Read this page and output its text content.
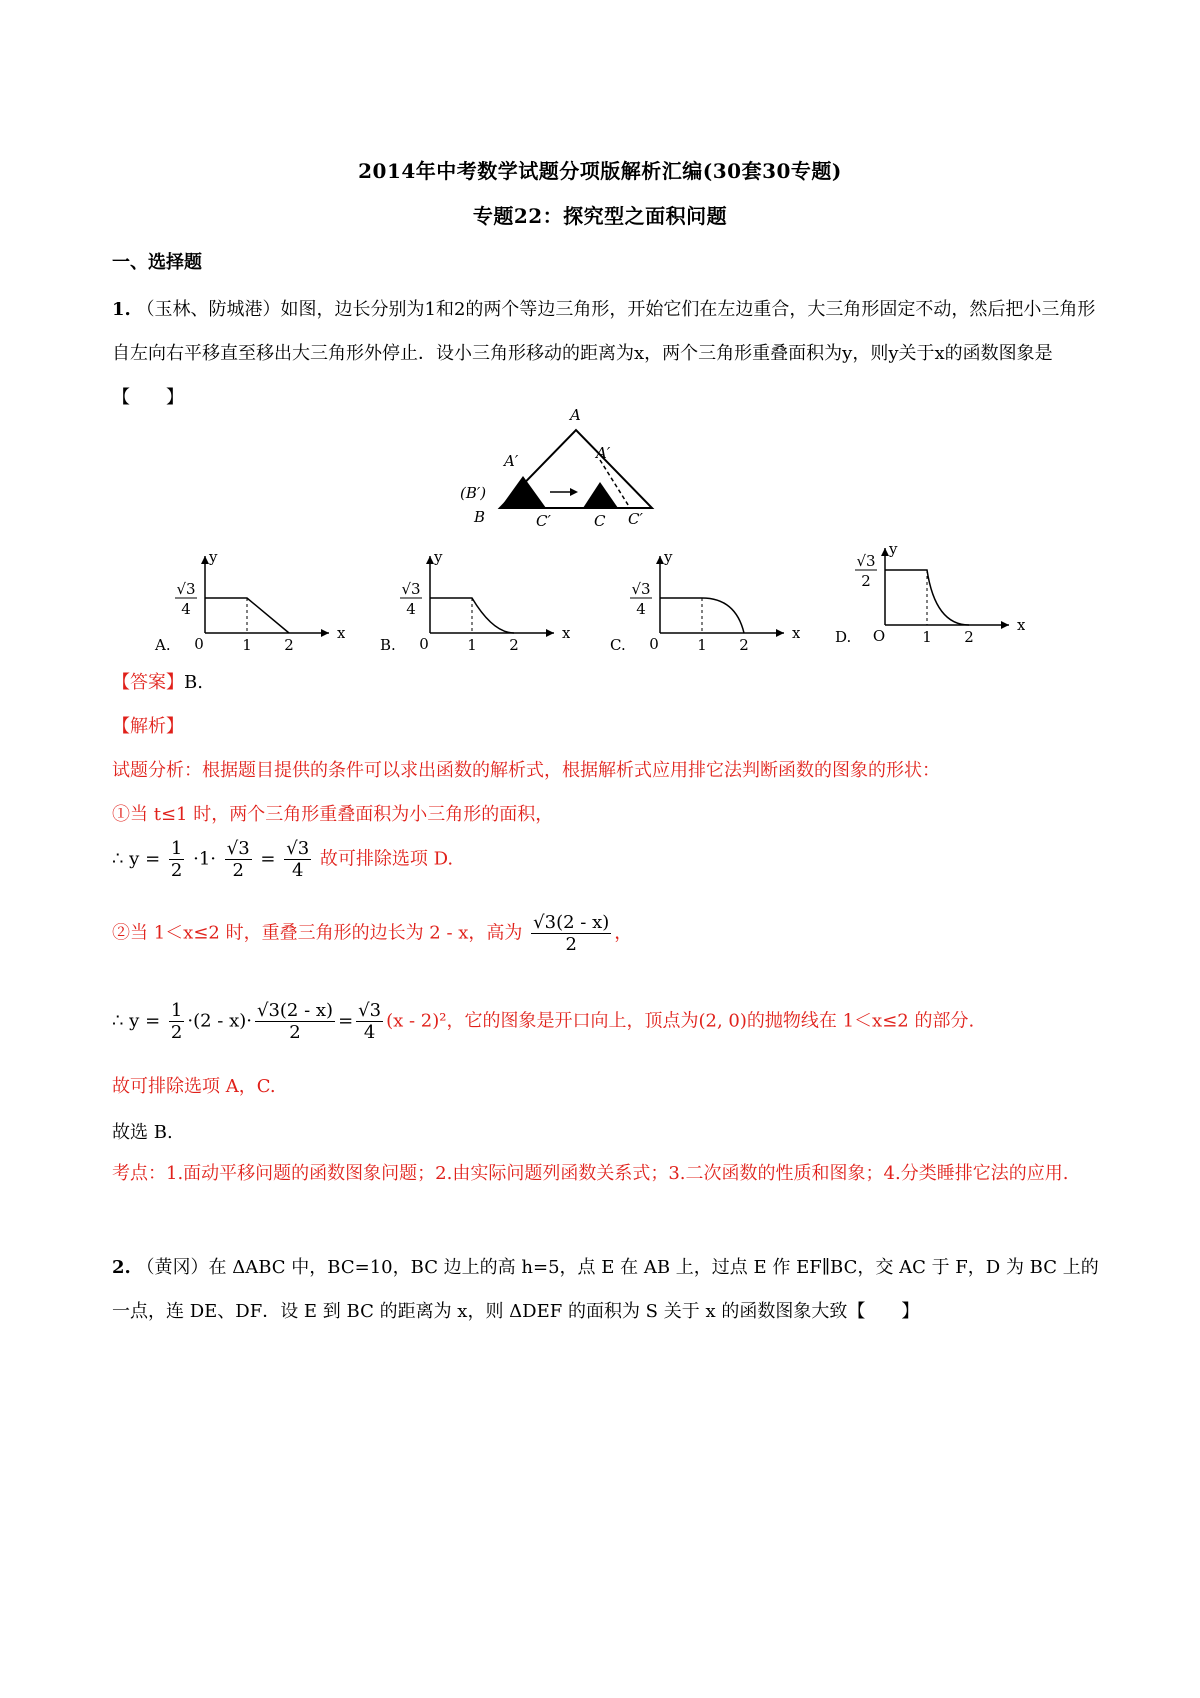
2014年中考数学试题分项版解析汇编(30套30专题)
专题22：探究型之面积问题
一、选择题
1. （玉林、防城港）如图，边长分别为1和2的两个等边三角形，开始它们在左边重合，大三角形固定不动，然后把小三角形自左向右平移直至移出大三角形外停止．设小三角形移动的距离为x，两个三角形重叠面积为y，则y关于x的函数图象是【　　】
A
A′	A′
(B′)
B	C′	C C′
√3
4
y
x
0	1 2
A.
√3
4
y
x
0	1 2
B.
√3
4
y
x
0	1 2
C.
√3
2
y
x
O 1 2
D.
【答案】B.
【解析】
试题分析：根据题目提供的条件可以求出函数的解析式，根据解析式应用排它法判断函数的图象的形状：
①当 t≤1 时，两个三角形重叠面积为小三角形的面积，
∴ $y = \frac{1}{2} \cdot 1\cdot \frac{√3}{2} = \frac{√3}{4}$ 故可排除选项 D.
②当 1＜x≤2 时，重叠三角形的边长为 2 - x，高为 $\frac{√3(2 - x)}{2}$ ，
∴ $y = \frac{1}{2} \cdot(2 - x)\cdot \frac{√3(2 - x)}{2} = \frac{√3}{4} (x - 2)^2$，它的图象是开口向上，顶点为(2, 0)的抛物线在 1＜x≤2 的部分.
故可排除选项 A，C.
故选 B.
考点：1.面动平移问题的函数图象问题；2.由实际问题列函数关系式；3.二次函数的性质和图象；4.分类睡排它法的应用.
2. （黄冈）在 ΔABC 中，BC=10，BC 边上的高 h=5，点 E 在 AB 上，过点 E 作 EF∥BC，交 AC 于 F，D 为 BC 上的一点，连 DE、DF．设 E 到 BC 的距离为 x，则 ΔDEF 的面积为 S 关于 x 的函数图象大致【　　】
